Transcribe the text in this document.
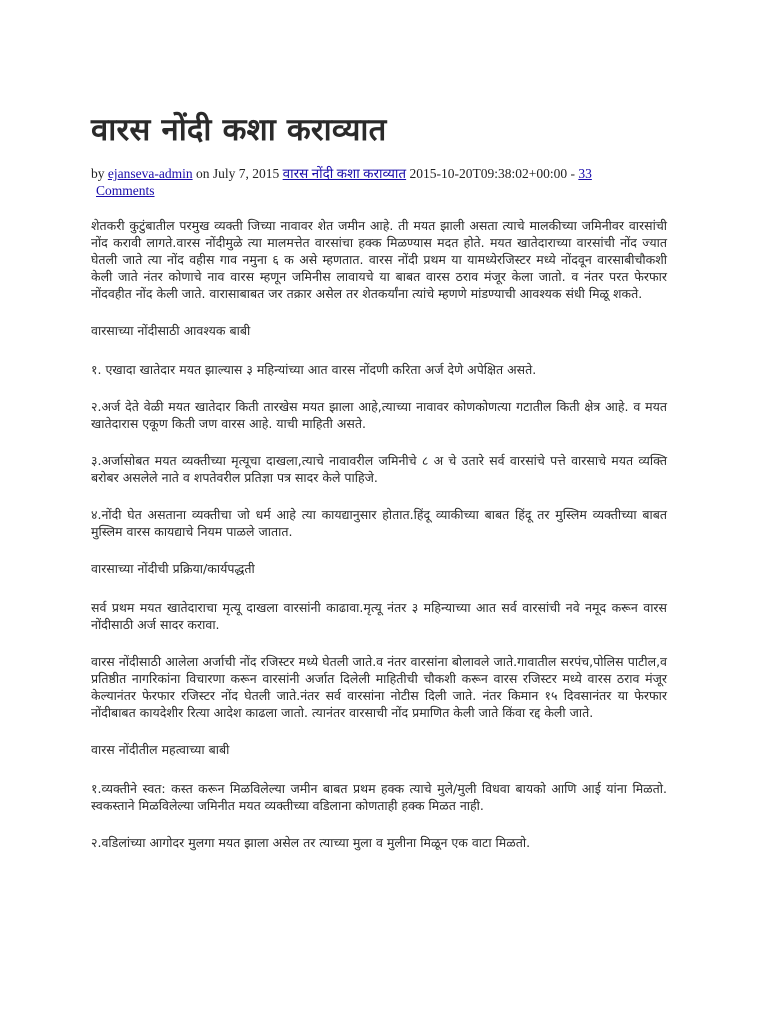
वारस नोंदी कशा कराव्यात
by ejanseva-admin on July 7, 2015 वारस नोंदी कशा कराव्यात 2015-10-20T09:38:02+00:00 - 33
Comments

शेतकरी कुटुंबातील परमुख व्यक्ती जिच्या नावावर शेत जमीन आहे. ती मयत झाली असता त्याचे मालकीच्या जमिनीवर वारसांची नोंद करावी लागते.वारस नोंदीमुळे त्या मालमत्तेत वारसांचा हक्क मिळण्यास मदत होते. मयत खातेदाराच्या वारसांची नोंद ज्यात घेतली जाते त्या नोंद वहीस गाव नमुना ६ क असे म्हणतात. वारस नोंदी प्रथम या यामध्येरजिस्टर मध्ये नोंदवून वारसाबीचौकशी केली जाते नंतर कोणाचे नाव वारस म्हणून जमिनीस लावायचे या बाबत वारस ठराव मंजूर केला जातो. व नंतर परत फेरफार नोंदवहीत नोंद केली जाते. वारासाबाबत जर तक्रार असेल तर शेतकर्यांना त्यांचे म्हणणे मांडण्याची आवश्यक संधी मिळू शकते.

वारसाच्या नोंदीसाठी आवश्यक बाबी

१. एखादा खातेदार मयत झाल्यास ३ महिन्यांच्या आत वारस नोंदणी करिता अर्ज देणे अपेक्षित असते.

२.अर्ज देते वेळी मयत खातेदार किती तारखेस मयत झाला आहे,त्याच्या नावावर कोणकोणत्या गटातील किती क्षेत्र आहे. व मयत खातेदारास एकूण किती जण वारस आहे. याची माहिती असते.

३.अर्जासोबत मयत व्यक्तीच्या मृत्यूचा दाखला,त्याचे नावावरील जमिनीचे ८ अ चे उतारे सर्व वारसांचे पत्ते वारसाचे मयत व्यक्ति बरोबर असलेले नाते व शपतेवरील प्रतिज्ञा पत्र सादर केले पाहिजे.

४.नोंदी घेत असताना व्यक्तीचा जो धर्म आहे त्या कायद्यानुसार होतात.हिंदू व्याकीच्या बाबत हिंदू तर मुस्लिम व्यक्तीच्या बाबत मुस्लिम वारस कायद्याचे नियम पाळले जातात.

वारसाच्या नोंदीची प्रक्रिया/कार्यपद्धती

सर्व प्रथम मयत खातेदाराचा मृत्यू दाखला वारसांनी काढावा.मृत्यू नंतर ३ महिन्याच्या आत सर्व वारसांची नवे नमूद करून वारस नोंदीसाठी अर्ज सादर करावा.

वारस नोंदीसाठी आलेला अर्जाची नोंद रजिस्टर मध्ये घेतली जाते.व नंतर वारसांना बोलावले जाते.गावातील सरपंच,पोलिस पाटील,व प्रतिष्ठीत नागरिकांना विचारणा करून वारसांनी अर्जात दिलेली माहितीची चौकशी करून वारस रजिस्टर मध्ये वारस ठराव मंजूर केल्यानंतर फेरफार रजिस्टर नोंद घेतली जाते.नंतर सर्व वारसांना नोटीस दिली जाते. नंतर किमान १५ दिवसानंतर या फेरफार नोंदीबाबत कायदेशीर रित्या आदेश काढला जातो. त्यानंतर वारसाची नोंद प्रमाणित केली जाते किंवा रद्द केली जाते.

वारस नोंदीतील महत्वाच्या बाबी

१.व्यक्तीने स्वत: कस्त करून मिळविलेल्या जमीन बाबत प्रथम हक्क त्याचे मुले/मुली विधवा बायको आणि आई यांना मिळतो. स्वकस्ताने मिळविलेल्या जमिनीत मयत व्यक्तीच्या वडिलाना कोणताही हक्क मिळत नाही.

२.वडिलांच्या आगोदर मुलगा मयत झाला असेल तर त्याच्या मुला व मुलीना मिळून एक वाटा मिळतो.
